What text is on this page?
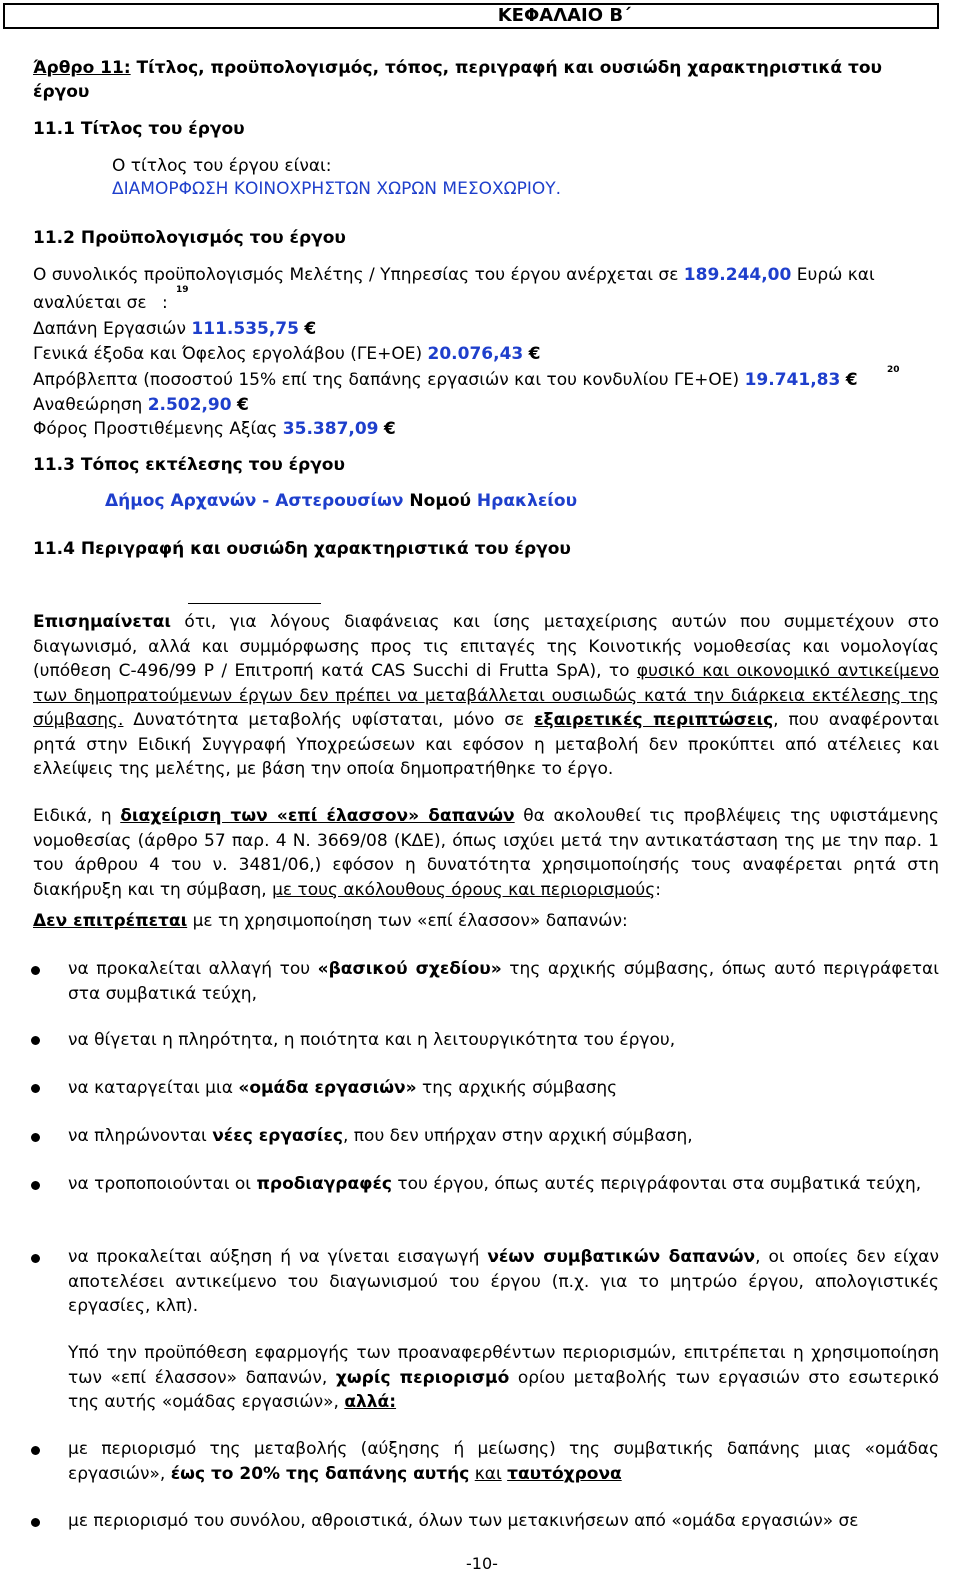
ΚΕΦΑΛΑΙΟ Β΄
Άρθρο 11: Τίτλος, προϋπολογισμός, τόπος, περιγραφή και ουσιώδη χαρακτηριστικά του
έργου
11.1 Τίτλος του έργου
Ο τίτλος του έργου είναι:
ΔΙΑΜΟΡΦΩΣΗ ΚΟΙΝΟΧΡΗΣΤΩΝ ΧΩΡΩΝ ΜΕΣΟΧΩΡΙΟΥ.
11.2 Προϋπολογισμός του έργου
Ο συνολικός προϋπολογισμός Μελέτης / Υπηρεσίας του έργου ανέρχεται σε 189.244,00 Ευρώ και
αναλύεται σε
19
:
Δαπάνη Εργασιών 111.535,75 €
Γενικά έξοδα και Όφελος εργολάβου (ΓΕ+ΟΕ) 20.076,43 €
Απρόβλεπτα (ποσοστού 15% επί της δαπάνης εργασιών και του κονδυλίου ΓΕ+ΟΕ) 19.741,83 €	20
Αναθεώρηση 2.502,90 €
Φόρος Προστιθέμενης Αξίας 35.387,09 €
11.3 Τόπος εκτέλεσης του έργου
Δήμος Αρχανών - Αστερουσίων Νομού Ηρακλείου
11.4 Περιγραφή και ουσιώδη χαρακτηριστικά του έργου
Επισημαίνεται ότι, για λόγους διαφάνειας και ίσης μεταχείρισης αυτών που συμμετέχουν στο διαγωνισμό, αλλά και συμμόρφωσης προς τις επιταγές της Κοινοτικής νομοθεσίας και νομολογίας (υπόθεση C-496/99 P / Επιτροπή κατά CAS Succhi di Frutta SpA), το φυσικό και οικονομικό αντικείμενο των δημοπρατούμενων έργων δεν πρέπει να μεταβάλλεται ουσιωδώς κατά την διάρκεια εκτέλεσης της σύμβασης. Δυνατότητα μεταβολής υφίσταται, μόνο σε εξαιρετικές περιπτώσεις, που αναφέρονται ρητά στην Ειδική Συγγραφή Υποχρεώσεων και εφόσον η μεταβολή δεν προκύπτει από ατέλειες και ελλείψεις της μελέτης, με βάση την οποία δημοπρατήθηκε το έργο.
Ειδικά, η διαχείριση των «επί έλασσον» δαπανών θα ακολουθεί τις προβλέψεις της υφιστάμενης νομοθεσίας (άρθρο 57 παρ. 4 Ν. 3669/08 (ΚΔΕ), όπως ισχύει μετά την αντικατάσταση της με την παρ. 1 του άρθρου 4 του ν. 3481/06,) εφόσον η δυνατότητα χρησιμοποίησής τους αναφέρεται ρητά στη διακήρυξη και τη σύμβαση, με τους ακόλουθους όρους και περιορισμούς:
Δεν επιτρέπεται με τη χρησιμοποίηση των «επί έλασσον» δαπανών:
να προκαλείται αλλαγή του «βασικού σχεδίου» της αρχικής σύμβασης, όπως αυτό περιγράφεται στα συμβατικά τεύχη,
να θίγεται η πληρότητα, η ποιότητα και η λειτουργικότητα του έργου,
να καταργείται μια «ομάδα εργασιών» της αρχικής σύμβασης
να πληρώνονται νέες εργασίες, που δεν υπήρχαν στην αρχική σύμβαση,
να τροποποιούνται οι προδιαγραφές του έργου, όπως αυτές περιγράφονται στα συμβατικά τεύχη,
να προκαλείται αύξηση ή να γίνεται εισαγωγή νέων συμβατικών δαπανών, οι οποίες δεν είχαν αποτελέσει αντικείμενο του διαγωνισμού του έργου (π.χ. για το μητρώο έργου, απολογιστικές εργασίες, κλπ).
Υπό την προϋπόθεση εφαρμογής των προαναφερθέντων περιορισμών, επιτρέπεται η χρησιμοποίηση των «επί έλασσον» δαπανών, χωρίς περιορισμό ορίου μεταβολής των εργασιών στο εσωτερικό της αυτής «ομάδας εργασιών», αλλά:
με περιορισμό της μεταβολής (αύξησης ή μείωσης) της συμβατικής δαπάνης μιας «ομάδας εργασιών», έως το 20% της δαπάνης αυτής και ταυτόχρονα
με περιορισμό του συνόλου, αθροιστικά, όλων των μετακινήσεων από «ομάδα εργασιών» σε
-10-
